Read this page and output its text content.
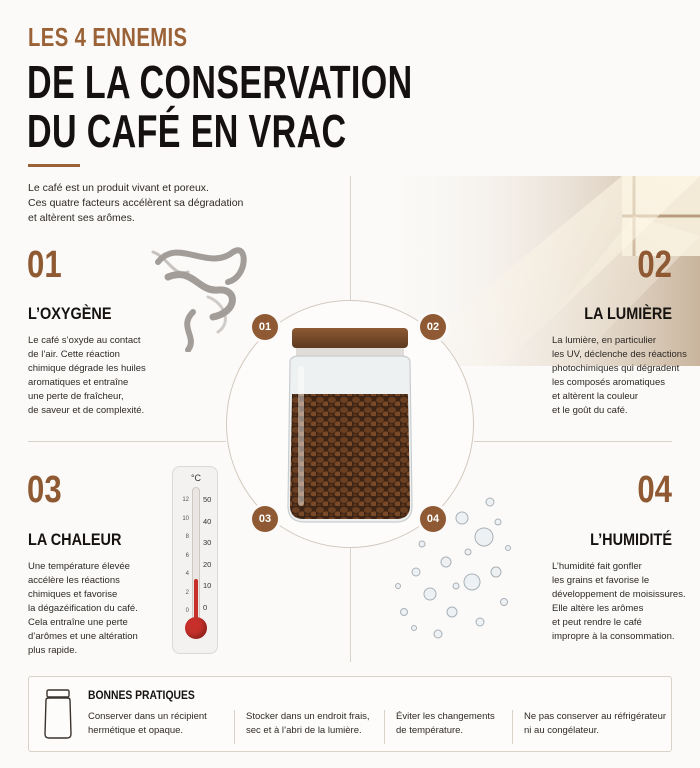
LES 4 ENNEMIS
DE LA CONSERVATION
DU CAFÉ EN VRAC
Le café est un produit vivant et poreux.
Ces quatre facteurs accélèrent sa dégradation
et altèrent ses arômes.
01	02
03	04
01
L’OXYGÈNE
Le café s’oxyde au contact
de l’air. Cette réaction
chimique dégrade les huiles
aromatiques et entraîne
une perte de fraîcheur,
de saveur et de complexité.
02
LA LUMIÈRE
La lumière, en particulier
les UV, déclenche des réactions
photochimiques qui dégradent
les composés aromatiques
et altèrent la couleur
et le goût du café.
03
LA CHALEUR
Une température élevée
accélère les réactions
chimiques et favorise
la dégazéification du café.
Cela entraîne une perte
d’arômes et une altération
plus rapide.
°C
50
40
30
20
10
0
12
10
8
6
4
2
0
04
L’HUMIDITÉ
L’humidité fait gonfler
les grains et favorise le
développement de moisissures.
Elle altère les arômes
et peut rendre le café
impropre à la consommation.
BONNES PRATIQUES
Conserver dans un récipient
hermétique et opaque.
Stocker dans un endroit frais,
sec et à l’abri de la lumière.
Éviter les changements
de température.
Ne pas conserver au réfrigérateur
ni au congélateur.
